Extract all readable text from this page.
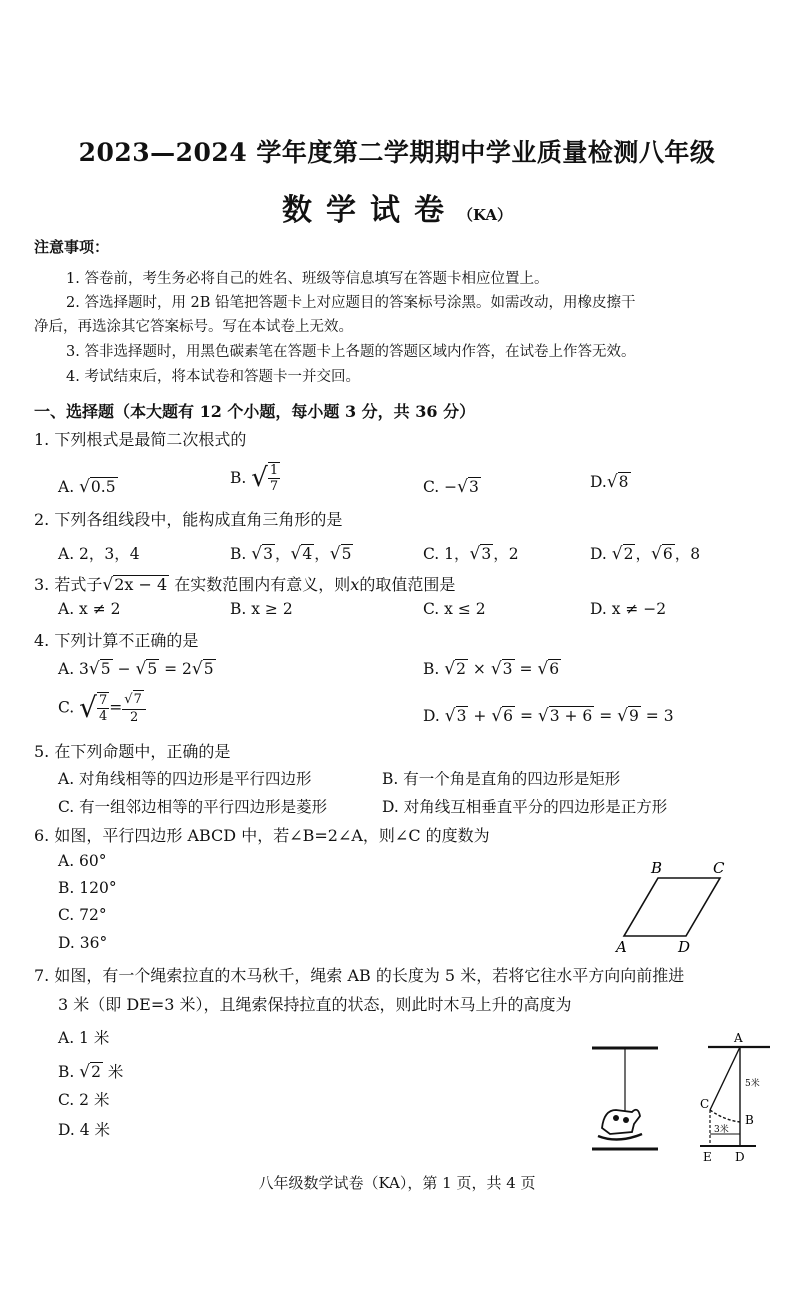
2023—2024 学年度第二学期期中学业质量检测八年级
数学试卷（KA）
注意事项：
1. 答卷前，考生务必将自己的姓名、班级等信息填写在答题卡相应位置上。
2. 答选择题时，用 2B 铅笔把答题卡上对应题目的答案标号涂黑。如需改动，用橡皮擦干
净后，再选涂其它答案标号。写在本试卷上无效。
3. 答非选择题时，用黑色碳素笔在答题卡上各题的答题区域内作答，在试卷上作答无效。
4. 考试结束后，将本试卷和答题卡一并交回。
一、选择题（本大题有 12 个小题，每小题 3 分，共 36 分）
1. 下列根式是最简二次根式的
A. √0.5	B. √ $\frac{1}{7}$	C. −√3	D.√8
2. 下列各组线段中，能构成直角三角形的是
A. 2，3，4	B. √3 ，√4 ，√5	C. 1，√3 ，2	D. √2 ，√6 ，8
3. 若式子√2x − 4 在实数范围内有意义，则x的取值范围是
A. x ≠ 2	B. x ≥ 2	C. x ≤ 2	D. x ≠ −2
4. 下列计算不正确的是
A. 3√5 − √5 = 2√5	B. √2 × √3 = √6
C. √ $\frac{7}{4} = \frac{√7}{2}$	D. √3 + √6 = √3 + 6 = √9 = 3
5. 在下列命题中，正确的是
A. 对角线相等的四边形是平行四边形	B. 有一个角是直角的四边形是矩形
C. 有一组邻边相等的平行四边形是菱形	D. 对角线互相垂直平分的四边形是正方形
6. 如图，平行四边形 ABCD 中，若∠B=2∠A，则∠C 的度数为
A. 60°
B. 120°
C. 72°
D. 36°
B	C
A	D
7. 如图，有一个绳索拉直的木马秋千，绳索 AB 的长度为 5 米，若将它往水平方向向前推进
3 米（即 DE=3 米），且绳索保持拉直的状态，则此时木马上升的高度为
A. 1 米
B. √2 米
C. 2 米
D. 4 米
A
5米
C
B
3米
E D
八年级数学试卷（KA），第 1 页，共 4 页
